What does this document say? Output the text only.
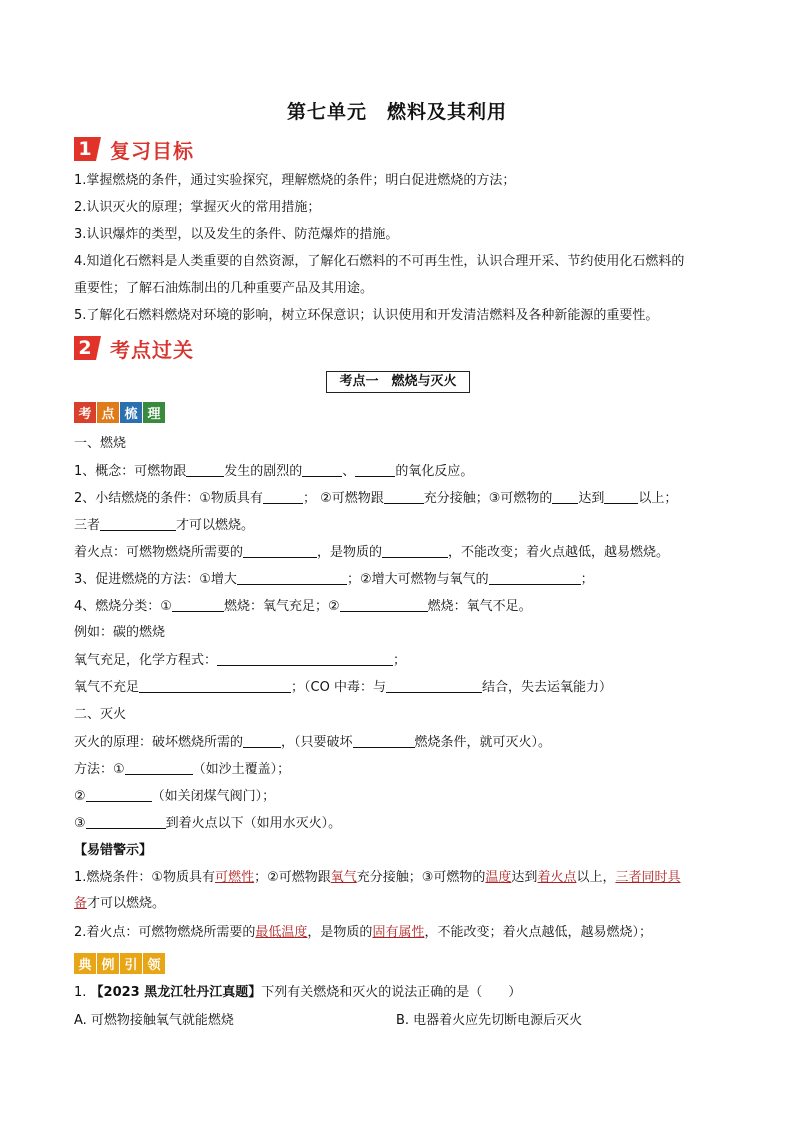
第七单元　燃料及其利用
1 复习目标
1.掌握燃烧的条件，通过实验探究，理解燃烧的条件；明白促进燃烧的方法；
2.认识灭火的原理；掌握灭火的常用措施；
3.认识爆炸的类型，以及发生的条件、防范爆炸的措施。
4.知道化石燃料是人类重要的自然资源，了解化石燃料的不可再生性，认识合理开采、节约使用化石燃料的
重要性；了解石油炼制出的几种重要产品及其用途。
5.了解化石燃料燃烧对环境的影响，树立环保意识；认识使用和开发清洁燃料及各种新能源的重要性。
2 考点过关
考点一　燃烧与灭火
考 点 梳 理
一、燃烧
1、概念：可燃物跟	发生的剧烈的	、	的氧化反应。
2、小结燃烧的条件：①物质具有	； ②可燃物跟	充分接触；③可燃物的 达到	以上；
三者	才可以燃烧。
着火点：可燃物燃烧所需要的	，是物质的	，不能改变；着火点越低，越易燃烧。
3、促进燃烧的方法：①增大	；②增大可燃物与氧气的	；
4、燃烧分类：①	燃烧：氧气充足；②	燃烧：氧气不足。
例如：碳的燃烧
氧气充足，化学方程式：	；
氧气不充足	；（CO 中毒：与	结合，失去运氧能力）
二、灭火
灭火的原理：破坏燃烧所需的	，（只要破坏	燃烧条件，就可灭火）。
方法：①	（如沙土覆盖）；
②	（如关闭煤气阀门）；
③	到着火点以下（如用水灭火）。
【易错警示】
1.燃烧条件：①物质具有可燃性；②可燃物跟氧气充分接触；③可燃物的温度达到着火点以上，三者同时具
备才可以燃烧。
2.着火点：可燃物燃烧所需要的最低温度，是物质的固有属性，不能改变；着火点越低，越易燃烧）；
典 例 引 领
1. 【2023 黑龙江牡丹江真题】下列有关燃烧和灭火的说法正确的是（　　）
A. 可燃物接触氧气就能燃烧	B. 电器着火应先切断电源后灭火
